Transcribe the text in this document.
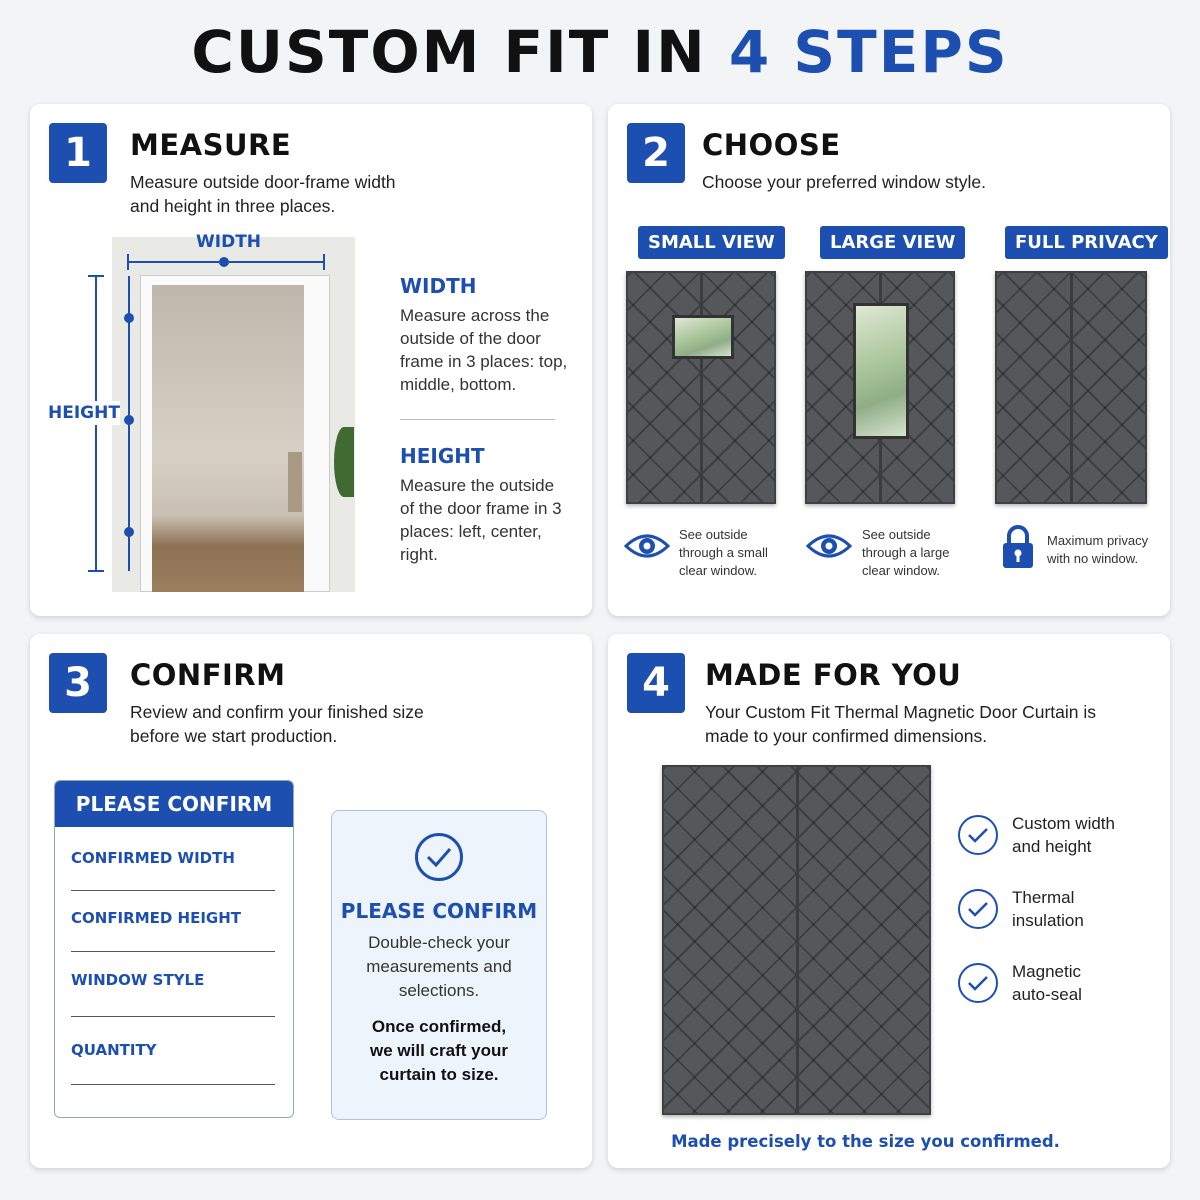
CUSTOM FIT IN 4 STEPS
1	MEASURE
Measure outside door-frame width and height in three places.
WIDTH
HEIGHT
WIDTH
Measure across the outside of the door frame in 3 places: top, middle, bottom.
HEIGHT
Measure the outside of the door frame in 3 places: left, center, right.
2	CHOOSE
Choose your preferred window style.
SMALL VIEW	LARGE VIEW	FULL PRIVACY
See outside through a small clear window.
See outside through a large clear window.
Maximum privacy with no window.
3	CONFIRM
Review and confirm your finished size before we start production.
PLEASE CONFIRM
CONFIRMED WIDTH
CONFIRMED HEIGHT
WINDOW STYLE
QUANTITY
PLEASE CONFIRM
Double-check your measurements and selections.
Once confirmed, we will craft your curtain to size.
4	MADE FOR YOU
Your Custom Fit Thermal Magnetic Door Curtain is made to your confirmed dimensions.
Custom width and height
Thermal insulation
Magnetic auto-seal
Made precisely to the size you confirmed.
